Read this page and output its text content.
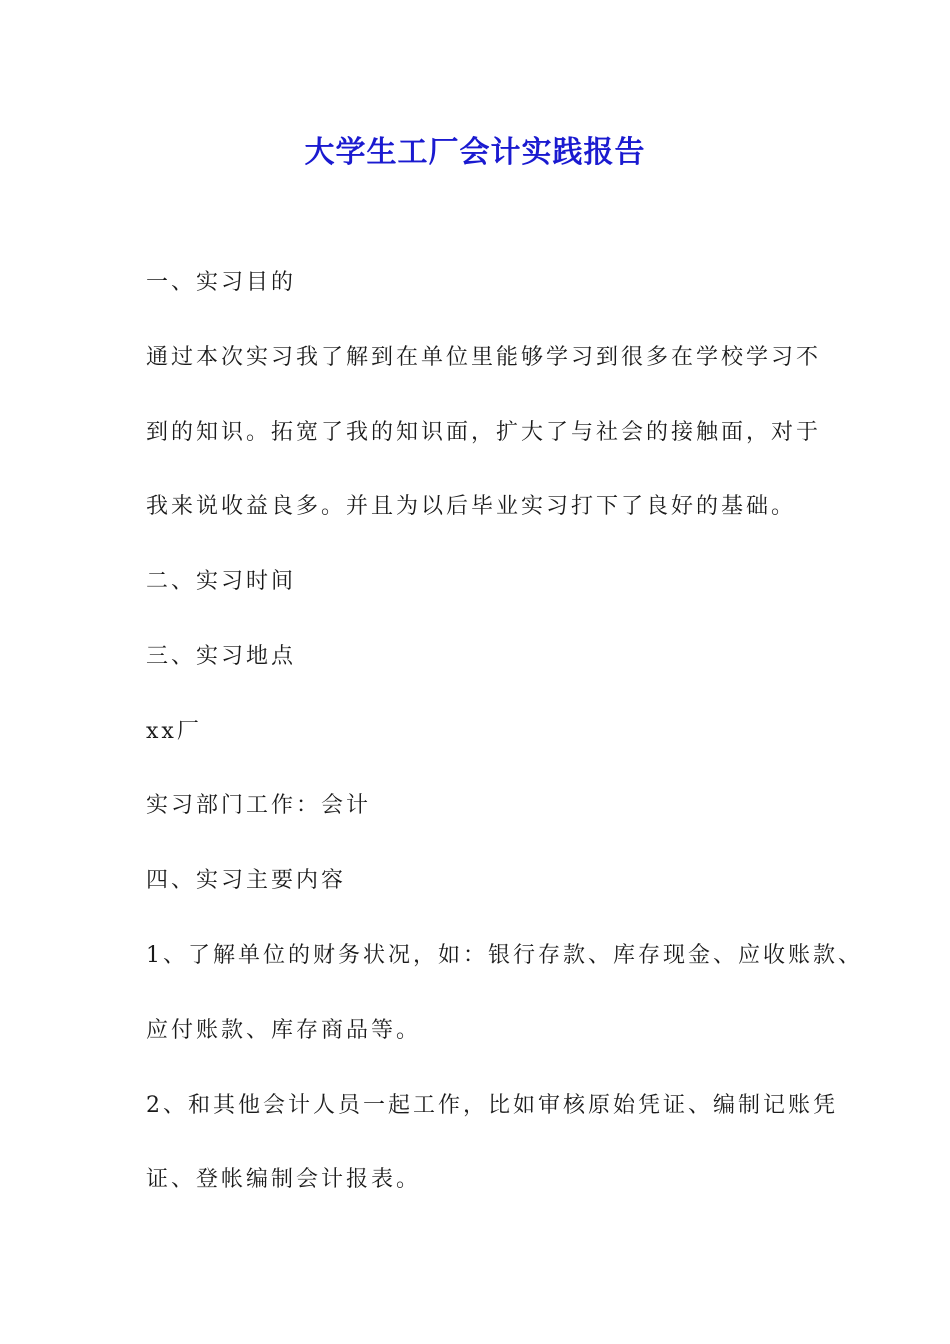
大学生工厂会计实践报告
一、实习目的
通过本次实习我了解到在单位里能够学习到很多在学校学习不
到的知识。拓宽了我的知识面，扩大了与社会的接触面，对于
我来说收益良多。并且为以后毕业实习打下了良好的基础。
二、实习时间
三、实习地点
xx厂
实习部门工作：会计
四、实习主要内容
1、了解单位的财务状况，如：银行存款、库存现金、应收账款、
应付账款、库存商品等。
2、和其他会计人员一起工作，比如审核原始凭证、编制记账凭
证、登帐编制会计报表。
